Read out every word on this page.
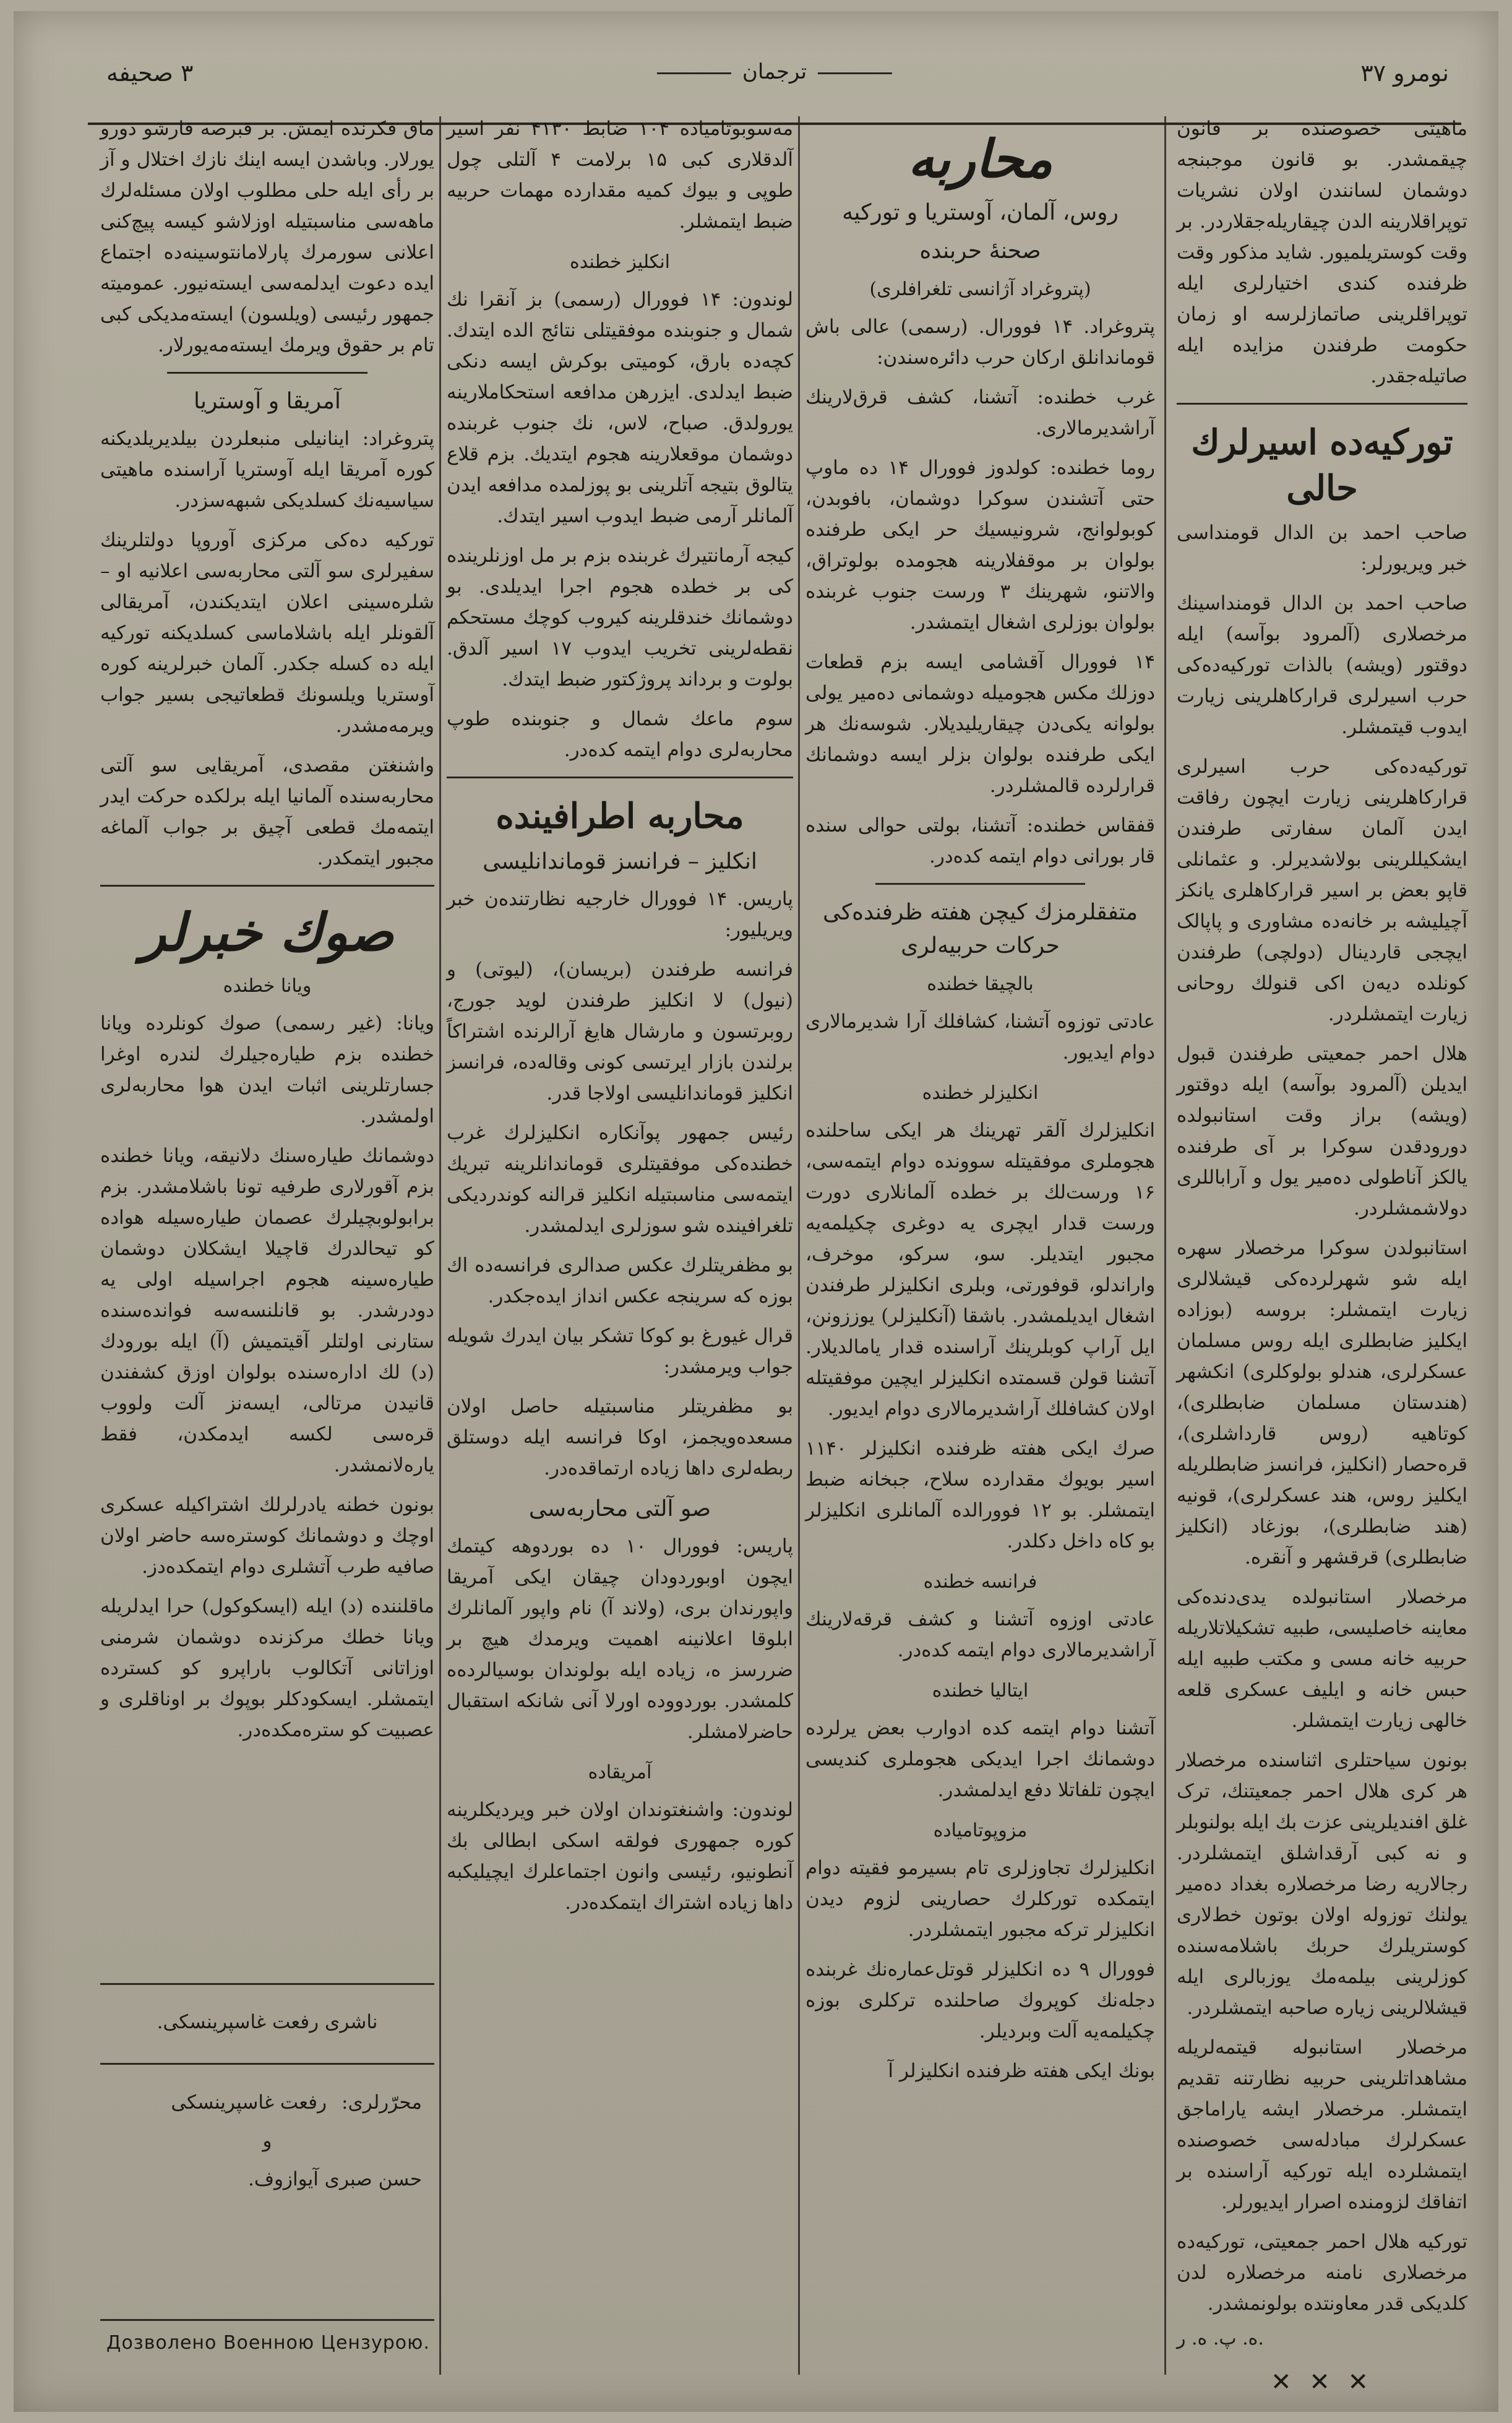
نومرو ۳۷
ترجمان
۳ صحیفه

ماهیتی خصوصنده بر قانون چیقمشدر. بو قانون موجبنجه دوشمان لسانندن اولان نشریات توپراقلارینه الدن چیقاریله‌جقلاردر. بر وقت کوستریلمیور. شاید مذکور وقت ظرفنده کندی اختیارلری ایله توپراقلرینی صاتمازلرسه او زمان حکومت طرفندن مزایده ایله صاتیله‌جقدر.

تورکیه‌ده اسیرلرك حالی

صاحب احمد بن الدال قومنداسی خبر ویریورلر:

صاحب احمد بن الدال قومنداسینك مرخصلاری (آلمرود بوآسه) ایله دوقتور (ویشه) بالذات تورکیه‌ده‌کی حرب اسیرلری قرارکاهلرینی زیارت ایدوب قیتمشلر.

تورکیه‌ده‌کی حرب اسیرلری قرارکاهلرینی زیارت ایچون رفاقت ایدن آلمان سفارتی طرفندن ایشکیللرینی بولاشدیرلر. و عثمانلی قاپو بعض بر اسیر قرارکاهلری یانکز آچیلیشه بر خانه‌ده مشاوری و پاپالک ایچجی قاردینال (دولچی) طرفندن کونلده دیه‌ن اکی قنولك روحانی زیارت ایتمشلردر.

هلال احمر جمعیتی طرفندن قبول ایدیلن (آلمرود بوآسه) ایله دوقتور (ویشه) براز وقت استانبولده دورودقدن سوکرا بر آی طرفنده یالکز آناطولی ده‌میر یول و آراباللری دولاشمشلردر.

استانبولدن سوکرا مرخصلار سهره ایله شو شهرلرده‌کی قیشلالری زیارت ایتمشلر: بروسه (بوزاده ایکلیز ضابطلری ایله روس مسلمان عسکرلری، هندلو بولوکلری) انکشهر (هندستان مسلمان ضابطلری)، کوتاهیه (روس قارداشلری)، قره‌حصار (انکلیز، فرانسز ضابطلریله ایکلیز روس، هند عسکرلری)، قونیه (هند ضابطلری)، بوزغاد (انکلیز ضابطلری) قرقشهر و آنقره.

مرخصلار استانبولده یدی‌دنده‌کی معاینه خاصلیسی، طبیه تشکیلاتلاریله حربیه خانه مسی و مکتب طبیه ایله حبس خانه و ایلیف عسکری قلعه خالهی زیارت ایتمشلر.

بونون سیاحتلری اثناسنده مرخصلار هر کری هلال احمر جمعیتنك، ترک غلق افندیلرینی عزت بك ایله بولنوبلر و نه کبی آرقداشلق ایتمشلردر. رجالاریه رضا مرخصلاره بغداد ده‌میر یولنك توزوله اولان بوتون خط‌لاری کوستریلرك حربك باشلامه‌سنده کوزلرینی بیلمه‌مك یوزبالری ایله قیشلالرینی زیاره صاحبه ایتمشلردر.

مرخصلار استانبوله قیتمه‌لریله مشاهداتلرینی حربیه نظارتنه تقدیم ایتمشلر. مرخصلار ایشه یاراماجق عسکرلرك مبادله‌سی خصوصنده ایتمشلرده ایله تورکیه آراسنده بر اتفاقك لزومنده اصرار ایدیورلر.

تورکیه هلال احمر جمعیتی، تورکیه‌ده مرخصلاری نامنه مرخصلاره لدن کلدیکی قدر معاونتده بولونمشدر.

ه. پ. ه. ر.
✕ ✕ ✕
محاربه
روس، آلمان، آوستریا و تورکیه
صحنهٔ حربنده
(پتروغراد آژانسی تلغرافلری)

پتروغراد. ۱۴ فوورال. (رسمی) عالی باش قوماندانلق ارکان حرب دائره‌سندن:

غرب خطنده: آتشنا، کشف قرق‌لارینك آراشدیرمالاری.

روما خطنده: کولدوز فوورال ۱۴ ده ماوپ حتی آتشندن سوکرا دوشمان، بافوبدن، کوبولوانج، شرونیسیك حر ایکی طرفنده بولوان بر موقفلارینه هجومده بولوتراق، والاتنو، شهرینك ۳ ورست جنوب غربنده بولوان بوزلری اشغال ایتمشدر.

۱۴ فوورال آقشامی ایسه بزم قطعات دوزلك مکس هجومیله دوشمانی ده‌میر یولی بولوانه یکی‌دن چیقاریلیدیلار. شوسه‌نك هر ایکی طرفنده بولوان بزلر ایسه دوشمانك قرارلرده قالمشلردر.

قفقاس خطنده: آتشنا، بولتی حوالی سنده قار بورانی دوام ایتمه کده‌در.

متفقلرمزك کیچن هفته ظرفنده‌کی حرکات حربیه‌لری
بالچیقا خطنده

عادتی توزوه آتشنا، کشافلك آرا شدیرمالاری دوام ایدیور.

انکلیزلر خطنده

انکلیزلرك آلقر تهرینك هر ایکی ساحلنده هجوملری موفقیتله سوونده دوام ایتمه‌سی، ۱۶ ورست‌لك بر خطده آلمانلاری دورت ورست قدار ایچری یه دوغری چکیلمه‌یه مجبور ایتدیلر. سو، سرکو، موخرف، واراندلو، قوفورتی، وبلری انکلیزلر طرفندن اشغال ایدیلمشدر. باشقا (آنکلیزلر) یوززونن، ایل آراپ کوبلرینك آراسنده قدار یامالدیلار. آتشنا قولن قسمتده انکلیزلر ایچین موفقیتله اولان کشافلك آراشدیرمالاری دوام ایدیور.

صرك ایکی هفته ظرفنده انکلیزلر ۱۱۴۰ اسیر بویوك مقدارده سلاح، جبخانه ضبط ایتمشلر. بو ۱۲ فوورالده آلمانلری انکلیزلر بو کاه داخل دکلدر.

فرانسه خطنده

عادتی اوزوه آتشنا و کشف قرقه‌لارینك آراشدیرمالاری دوام ایتمه کده‌در.

ایتالیا خطنده

آتشنا دوام ایتمه کده ادوارب بعض یرلرده دوشمانك اجرا ایدیکی هجوملری کندیسی ایچون تلفاتلا دفع ایدلمشدر.

مزوپوتامیاده

انکلیزلرك تجاوزلری تام بسیرمو فقیته دوام ایتمکده تورکلرك حصارینی لزوم دیدن انکلیزلر ترکه مجبور ایتمشلردر.

فوورال ۹ ده انکلیزلر قوتل‌عماره‌نك غربنده دجله‌نك کوپروك صاحلنده ترکلری بوزه چکیلمه‌یه آلت وبردیلر.

بونك ایکی هفته ظرفنده انکلیزلر آ

مه‌سوبوتامیاده ۱۰۴ ضابط ۴۱۳۰ نفر اسیر آلدقلاری کبی ۱۵ برلامت ۴ آلتلی چول طوپی و بیوك کمیه مقدارده مهمات حربیه ضبط ایتمشلر.

انکلیز خطنده

لوندون: ۱۴ فوورال (رسمی) بز آنقرا نك شمال و جنوبنده موفقیتلی نتائج الده ایتدك. کچه‌ده بارق، کومیتی بوکرش ایسه دنکی ضبط ایدلدی. ایزرهن مدافعه استحکاملارینه یورولدق. صباح، لاس، نك جنوب غربنده دوشمان موقعلارینه هجوم ایتدیك. بزم قلاع یتالوق بتیجه آتلرینی بو پوزلمده مدافعه ایدن آلمانلر آرمی ضبط ایدوب اسیر ایتدك.

کیجه آرمانتیرك غربنده بزم بر مل اوزنلرینده کی بر خطده هجوم اجرا ایدیلدی. بو دوشمانك خندقلرینه کیروب کوچك مستحکم نقطه‌لرینی تخریب ایدوب ۱۷ اسیر آلدق. بولوت و برداند پروژکتور ضبط ایتدك.

سوم ماعك شمال و جنوبنده طوپ محاربه‌لری دوام ایتمه کده‌در.

محاربه اطرافینده
انکلیز – فرانسز قوماندانلیسی

پاریس. ۱۴ فوورال خارجیه نظارتنده‌ن خبر ویریلیور:

فرانسه طرفندن (بریسان)، (لیوتی) و (نیول) لا انکلیز طرفندن لوید جورج، روبرتسون و مارشال هایغ آرالرنده اشتراکاً برلندن بازار ایرتسی کونی وقاله‌ده، فرانسز انکلیز قوماندانلیسی اولاجا قدر.

رئیس جمهور پوآنکاره انکلیزلرك غرب خطنده‌کی موفقیتلری قوماندانلرینه تبریك ایتمه‌سی مناسبتیله انکلیز قرالنه کوندردیکی تلغرافینده شو سوزلری ایدلمشدر.

بو مظفریتلرك عکس صدالری فرانسه‌ده اك بوزه که سرینجه عکس انداز ایده‌جکدر.

قرال غیورغ بو کوکا تشکر بیان ایدرك شویله جواب ویرمشدر:

بو مظفریتلر مناسبتیله حاصل اولان مسعده‌ویجمز، اوکا فرانسه ایله دوستلق ربطه‌لری داها زیاده ارتماقده‌در.

صو آلتی محاربه‌سی

پاریس: فوورال ۱۰ ده بوردوهه کیتمك ایچون اوبوردودان چیقان ایکی آمریقا واپورندان بری، (ولاند آ) نام واپور آلمانلرك ابلوقا اعلانینه اهمیت ویرمدك هیچ بر ضررسز ه، زیاده ایله بولوندان بوسیالرده‌ه کلمشدر. بوردووده اورلا آنی شانکه استقبال حاضرلامشلر.

آمریقاده

لوندون: واشنغتوندان اولان خبر ویردیکلرینه کوره جمهوری فولقه اسکی ابطالی بك آنطونیو، رئیسی وانون اجتماعلرك ایچیلیکبه داها زیاده اشتراك ایتمکده‌در.

ماق فکرنده ایمش. بر قبرصه قارشو دورو یورلار. وباشدن ایسه اینك نازك اختلال و آز بر رأی ایله حلی مطلوب اولان مسئله‌لرك ماهه‌سی مناسبتیله اوزلاشو کیسه پیچ‌کنی اعلانی سورمرك پارلامانتوسینه‌ده اجتماع ایده دعوت ایدلمه‌سی ایسته‌نیور. عمومیته جمهور رئیسی (ویلسون) ایسته‌مدیکی کبی تام بر حقوق ویرمك ایسته‌مه‌یورلار.

آمریقا و آوستریا

پتروغراد: اینانیلی منبعلردن بیلدیریلدیکنه کوره آمریقا ایله آوستریا آراسنده ماهیتی سیاسیه‌نك کسلدیکی شبهه‌سزدر.

تورکیه ده‌کی مرکزی آوروپا دولتلرینك سفیرلری سو آلتی محاربه‌سی اعلانیه او – شلره‌سینی اعلان ایتدیکندن، آمریقالی آلقونلر ایله باشلاماسی کسلدیکنه تورکیه ایله ده کسله جکدر. آلمان خبرلرینه کوره آوستریا ویلسونك قطعاتیجی بسیر جواب ویرمه‌مشدر.

واشنغتن مقصدی، آمریقایی سو آلتی محاربه‌سنده آلمانیا ایله برلکده حرکت ایدر ایتمه‌مك قطعی آچیق بر جواب آلماغه مجبور ایتمکدر.

صوك خبرلر
ویانا خطنده

ویانا: (غیر رسمی) صوك کونلرده ویانا خطنده بزم طیاره‌جیلرك لندره اوغرا جسارتلرینی اثبات ایدن هوا محاربه‌لری اولمشدر.

دوشمانك طیاره‌سنك دلانیقه، ویانا خطنده بزم آقورلاری طرفیه تونا باشلامشدر. بزم برابولوبچیلرك عصمان طیاره‌سیله هواده کو تیحالدرك قاچیلا ایشکلان دوشمان طیاره‌سینه هجوم اجراسیله اولی یه دودرشدر. بو قانلنسه‌سه فوانده‌سنده ستارنی اولتلر آقیتمیش (آ) ایله بورودك (د) لك اداره‌سنده بولوان اوزق کشفندن قانیدن مرتالی، ایسه‌نز آلت ولووب قره‌سی لكسه ایدمکدن، فقط یاره‌لانمشدر.

بونون خطنه یادرلرلك اشتراکیله عسکری اوچك و دوشمانك کوستره‌سه حاضر اولان صافیه طرب آتشلری دوام ایتمکده‌دز.

ماقلننده (د) ایله (ایسکوکول) حرا ایدلریله ویانا خطك مرکزنده دوشمان شرمنی اوزاتانی آتکالوب باراپرو کو کسترده ایتمشلر. ایسکودکلر بوپوك بر اوناقلری و عصبیت کو ستره‌مکده‌در.

ناشری رفعت غاسپرینسکی.
محرّرلری:
رفعت غاسپرینسکی
و
حسن صبری آیوازوف.
Дозволено Военною Цензурою.
